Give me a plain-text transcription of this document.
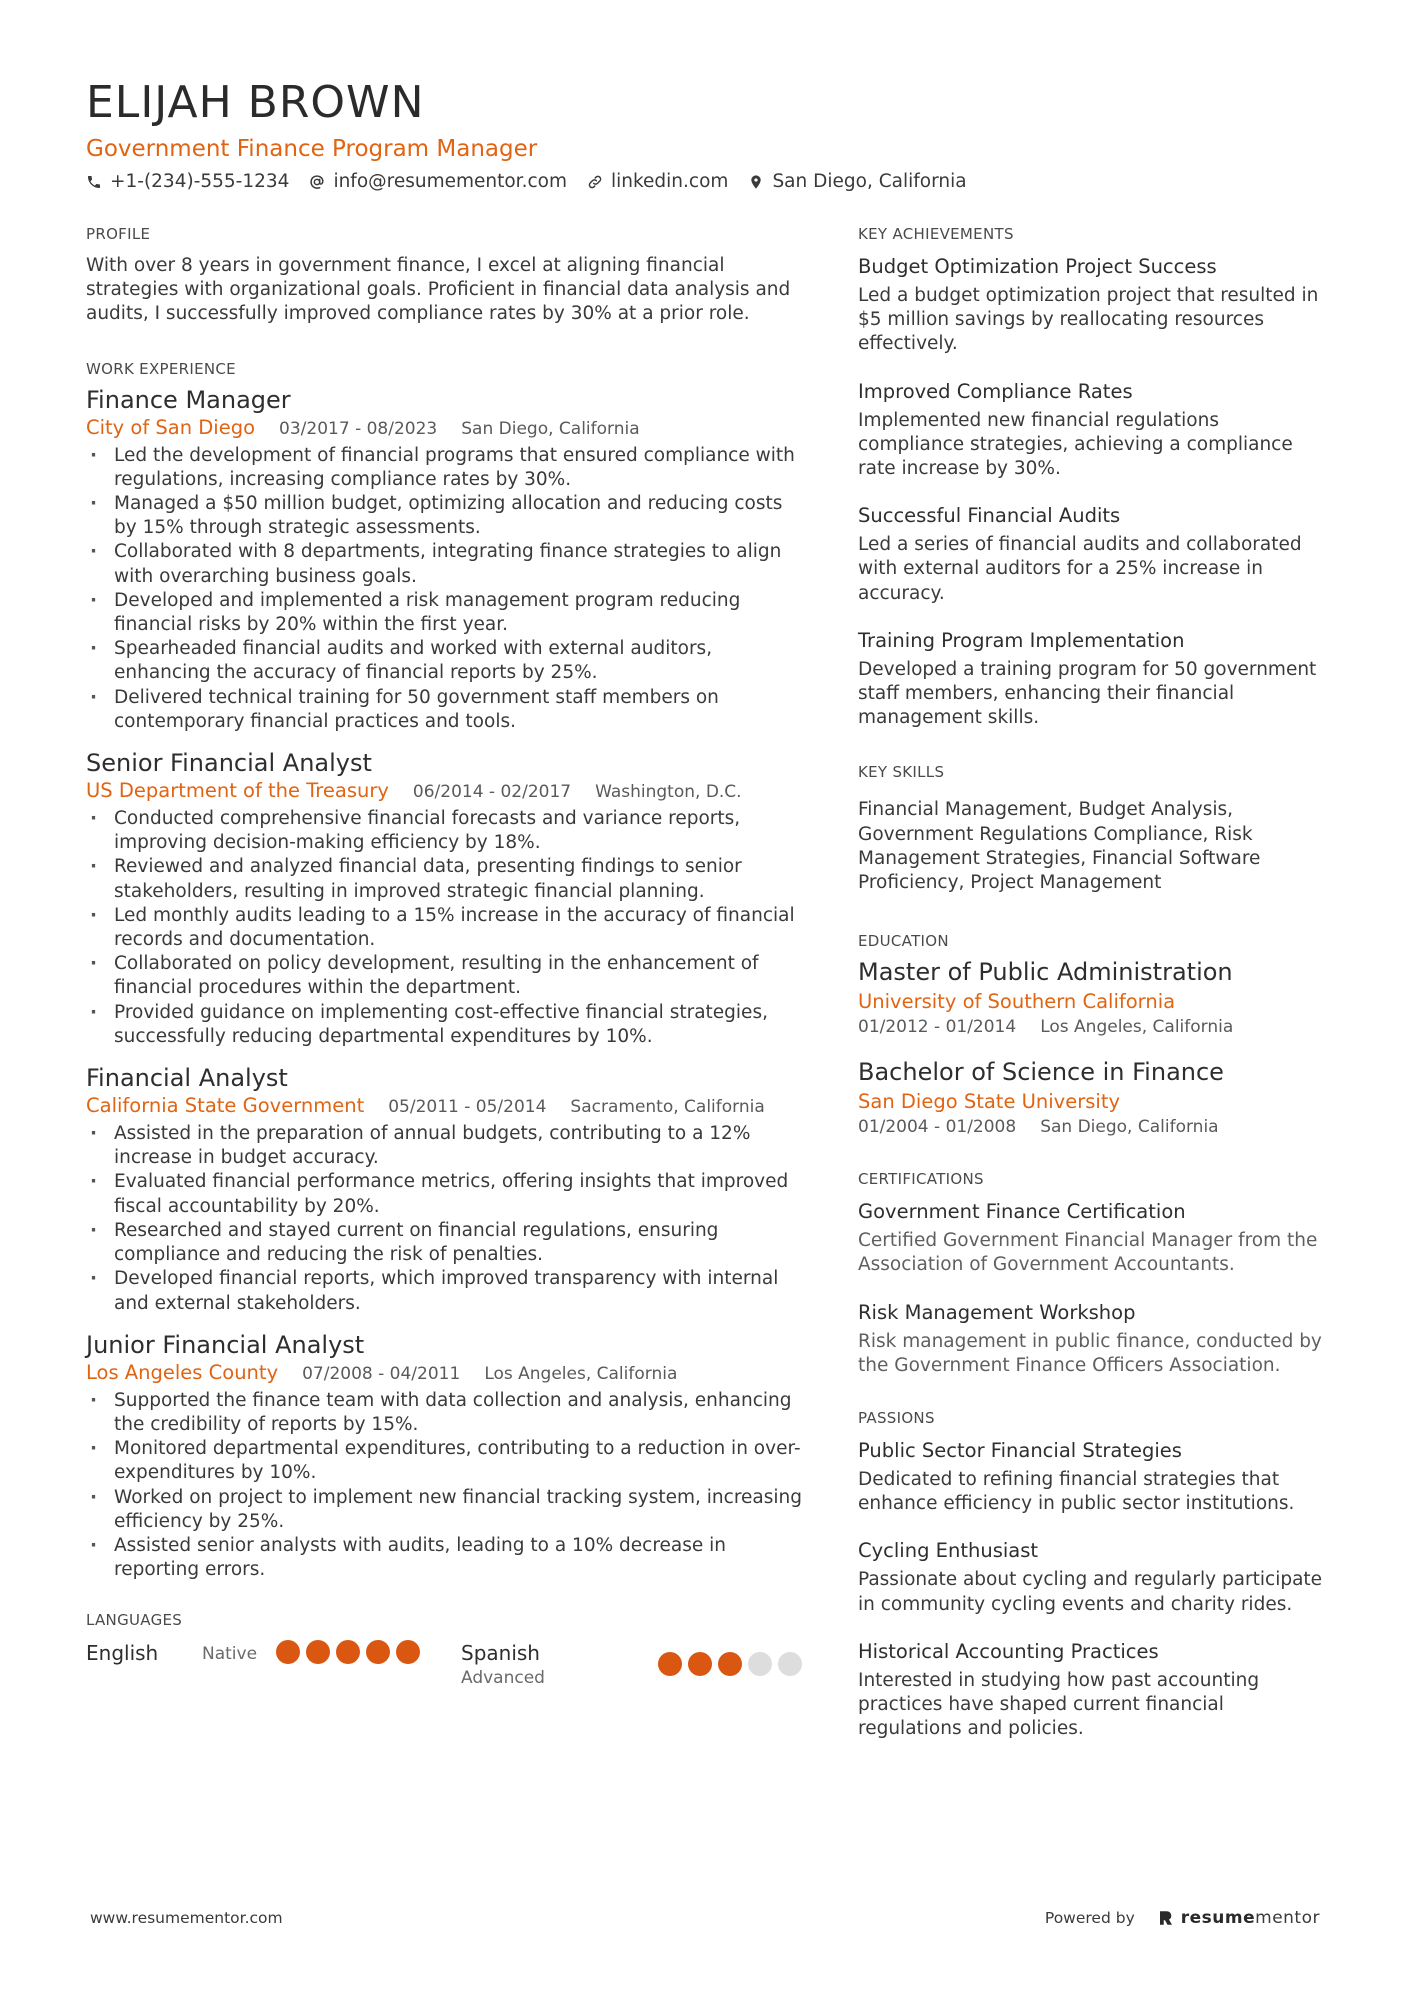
ELIJAH BROWN
Government Finance Program Manager
+1-(234)-555-1234 info@resumementor.com linkedin.com San Diego, California
PROFILE
With over 8 years in government finance, I excel at aligning financial strategies with organizational goals. Proficient in financial data analysis and audits, I successfully improved compliance rates by 30% at a prior role.
WORK EXPERIENCE
Finance Manager
City of San Diego 03/2017 - 08/2023 San Diego, California
· Led the development of financial programs that ensured compliance with regulations, increasing compliance rates by 30%.
· Managed a $50 million budget, optimizing allocation and reducing costs by 15% through strategic assessments.
· Collaborated with 8 departments, integrating finance strategies to align with overarching business goals.
· Developed and implemented a risk management program reducing financial risks by 20% within the first year.
· Spearheaded financial audits and worked with external auditors, enhancing the accuracy of financial reports by 25%.
· Delivered technical training for 50 government staff members on contemporary financial practices and tools.
Senior Financial Analyst
US Department of the Treasury 06/2014 - 02/2017 Washington, D.C.
· Conducted comprehensive financial forecasts and variance reports, improving decision-making efficiency by 18%.
· Reviewed and analyzed financial data, presenting findings to senior stakeholders, resulting in improved strategic financial planning.
· Led monthly audits leading to a 15% increase in the accuracy of financial records and documentation.
· Collaborated on policy development, resulting in the enhancement of financial procedures within the department.
· Provided guidance on implementing cost-effective financial strategies, successfully reducing departmental expenditures by 10%.
Financial Analyst
California State Government 05/2011 - 05/2014 Sacramento, California
· Assisted in the preparation of annual budgets, contributing to a 12% increase in budget accuracy.
· Evaluated financial performance metrics, offering insights that improved fiscal accountability by 20%.
· Researched and stayed current on financial regulations, ensuring compliance and reducing the risk of penalties.
· Developed financial reports, which improved transparency with internal and external stakeholders.
Junior Financial Analyst
Los Angeles County 07/2008 - 04/2011 Los Angeles, California
· Supported the finance team with data collection and analysis, enhancing the credibility of reports by 15%.
· Monitored departmental expenditures, contributing to a reduction in over-expenditures by 10%.
· Worked on project to implement new financial tracking system, increasing efficiency by 25%.
· Assisted senior analysts with audits, leading to a 10% decrease in reporting errors.
LANGUAGES
English	Native	Spanish
Advanced
KEY ACHIEVEMENTS
Budget Optimization Project Success
Led a budget optimization project that resulted in $5 million savings by reallocating resources effectively.
Improved Compliance Rates
Implemented new financial regulations compliance strategies, achieving a compliance rate increase by 30%.
Successful Financial Audits
Led a series of financial audits and collaborated with external auditors for a 25% increase in accuracy.
Training Program Implementation
Developed a training program for 50 government staff members, enhancing their financial management skills.
KEY SKILLS
Financial Management, Budget Analysis, Government Regulations Compliance, Risk Management Strategies, Financial Software Proficiency, Project Management
EDUCATION
Master of Public Administration
University of Southern California
01/2012 - 01/2014 Los Angeles, California
Bachelor of Science in Finance
San Diego State University
01/2004 - 01/2008 San Diego, California
CERTIFICATIONS
Government Finance Certification
Certified Government Financial Manager from the Association of Government Accountants.
Risk Management Workshop
Risk management in public finance, conducted by the Government Finance Officers Association.
PASSIONS
Public Sector Financial Strategies
Dedicated to refining financial strategies that enhance efficiency in public sector institutions.
Cycling Enthusiast
Passionate about cycling and regularly participate in community cycling events and charity rides.
Historical Accounting Practices
Interested in studying how past accounting practices have shaped current financial regulations and policies.
www.resumementor.com	Powered by	resumementor
